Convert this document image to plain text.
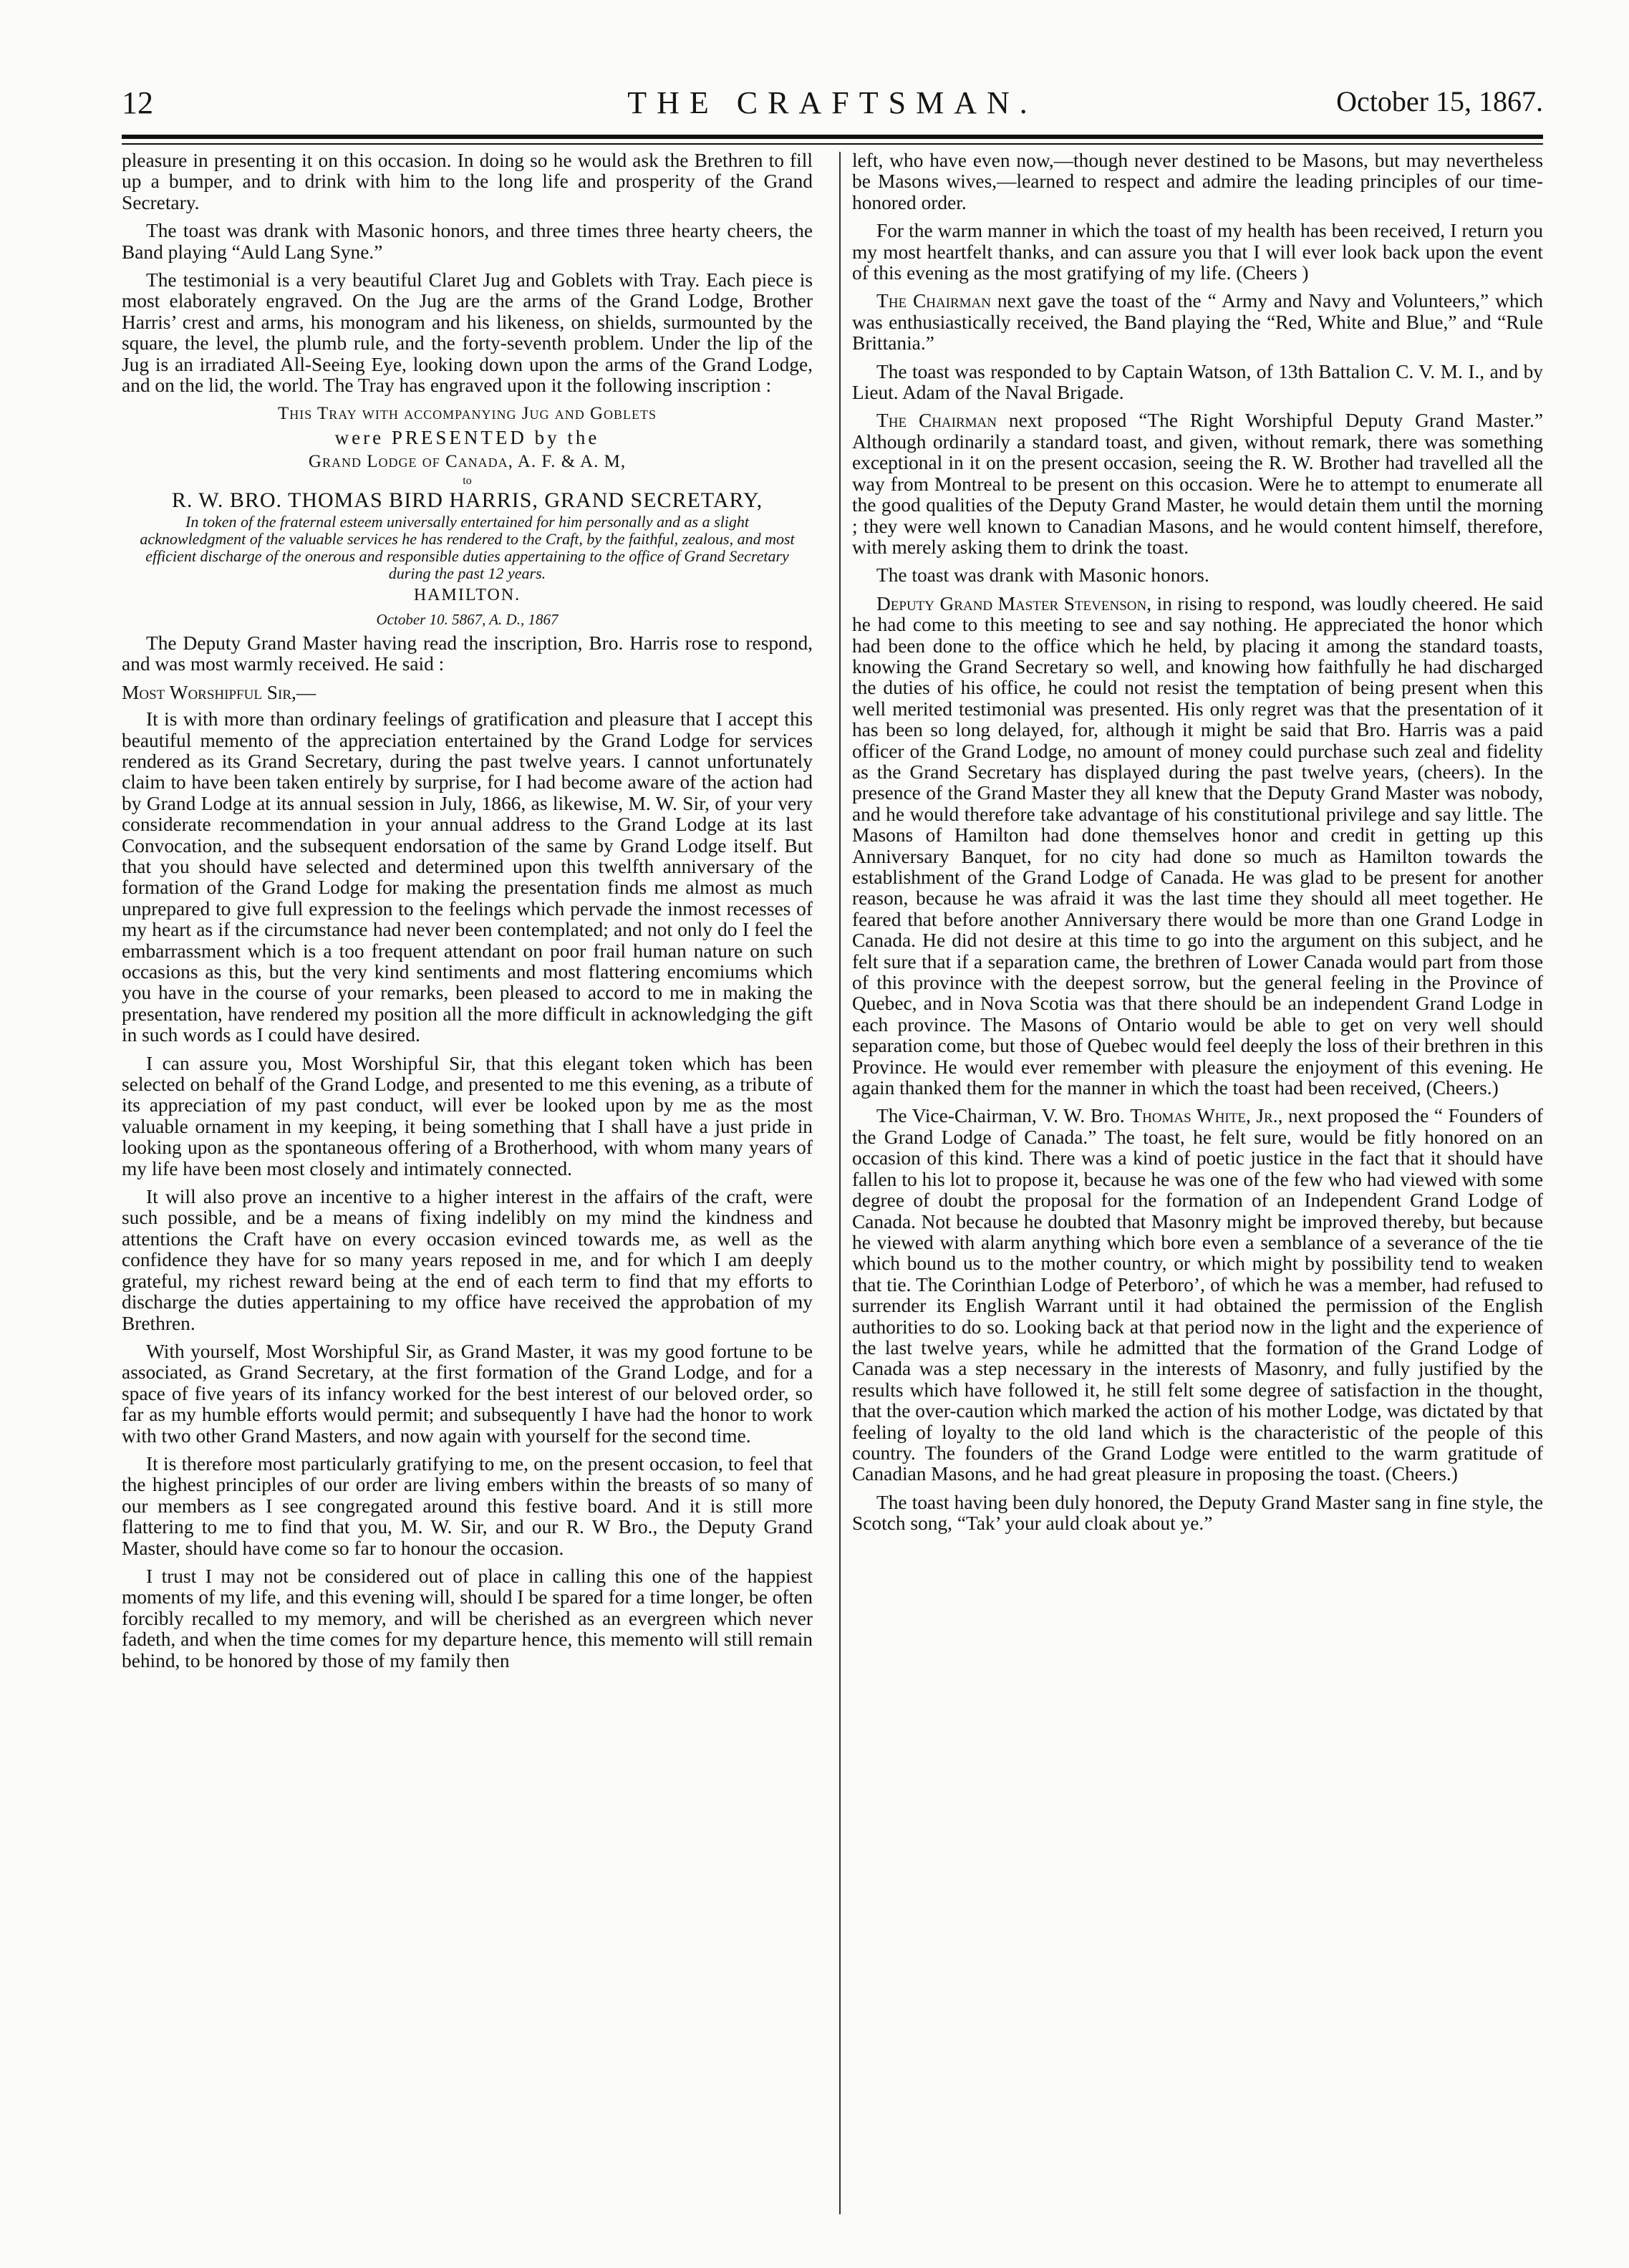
12	THE CRAFTSMAN.	October 15, 1867.

pleasure in presenting it on this occasion. In doing so he would ask the Brethren to fill up a bumper, and to drink with him to the long life and prosperity of the Grand Secretary.

The toast was drank with Masonic honors, and three times three hearty cheers, the Band playing “Auld Lang Syne.”

The testimonial is a very beautiful Claret Jug and Goblets with Tray. Each piece is most elaborately engraved. On the Jug are the arms of the Grand Lodge, Brother Harris’ crest and arms, his monogram and his likeness, on shields, surmounted by the square, the level, the plumb rule, and the forty-seventh problem. Under the lip of the Jug is an irradiated All-Seeing Eye, looking down upon the arms of the Grand Lodge, and on the lid, the world. The Tray has engraved upon it the following inscription :

This Tray with accompanying Jug and Goblets
were PRESENTED by the
Grand Lodge of Canada, A. F. & A. M,
to
R. W. BRO. THOMAS BIRD HARRIS, GRAND SECRETARY,
In token of the fraternal esteem universally entertained for him personally and as a slight acknowledgment of the valuable services he has rendered to the Craft, by the faithful, zealous, and most efficient discharge of the onerous and responsible duties appertaining to the office of Grand Secretary during the past 12 years.
HAMILTON.
October 10. 5867, A. D., 1867

The Deputy Grand Master having read the inscription, Bro. Harris rose to respond, and was most warmly received. He said :

Most Worshipful Sir,—

It is with more than ordinary feelings of gratification and pleasure that I accept this beautiful memento of the appreciation entertained by the Grand Lodge for services rendered as its Grand Secretary, during the past twelve years. I cannot unfortunately claim to have been taken entirely by surprise, for I had become aware of the action had by Grand Lodge at its annual session in July, 1866, as likewise, M. W. Sir, of your very considerate recommendation in your annual address to the Grand Lodge at its last Convocation, and the subsequent endorsation of the same by Grand Lodge itself. But that you should have selected and determined upon this twelfth anniversary of the formation of the Grand Lodge for making the presentation finds me almost as much unprepared to give full expression to the feelings which pervade the inmost recesses of my heart as if the circumstance had never been contemplated; and not only do I feel the embarrassment which is a too frequent attendant on poor frail human nature on such occasions as this, but the very kind sentiments and most flattering encomiums which you have in the course of your remarks, been pleased to accord to me in making the presentation, have rendered my position all the more difficult in acknowledging the gift in such words as I could have desired.

I can assure you, Most Worshipful Sir, that this elegant token which has been selected on behalf of the Grand Lodge, and presented to me this evening, as a tribute of its appreciation of my past conduct, will ever be looked upon by me as the most valuable ornament in my keeping, it being something that I shall have a just pride in looking upon as the spontaneous offering of a Brotherhood, with whom many years of my life have been most closely and intimately connected.

It will also prove an incentive to a higher interest in the affairs of the craft, were such possible, and be a means of fixing indelibly on my mind the kindness and attentions the Craft have on every occasion evinced towards me, as well as the confidence they have for so many years reposed in me, and for which I am deeply grateful, my richest reward being at the end of each term to find that my efforts to discharge the duties appertaining to my office have received the approbation of my Brethren.

With yourself, Most Worshipful Sir, as Grand Master, it was my good fortune to be associated, as Grand Secretary, at the first formation of the Grand Lodge, and for a space of five years of its infancy worked for the best interest of our beloved order, so far as my humble efforts would permit; and subsequently I have had the honor to work with two other Grand Masters, and now again with yourself for the second time.

It is therefore most particularly gratifying to me, on the present occasion, to feel that the highest principles of our order are living embers within the breasts of so many of our members as I see congregated around this festive board. And it is still more flattering to me to find that you, M. W. Sir, and our R. W Bro., the Deputy Grand Master, should have come so far to honour the occasion.

I trust I may not be considered out of place in calling this one of the happiest moments of my life, and this evening will, should I be spared for a time longer, be often forcibly recalled to my memory, and will be cherished as an evergreen which never fadeth, and when the time comes for my departure hence, this memento will still remain behind, to be honored by those of my family then

left, who have even now,—though never destined to be Masons, but may nevertheless be Masons wives,—learned to respect and admire the leading principles of our time-honored order.

For the warm manner in which the toast of my health has been received, I return you my most heartfelt thanks, and can assure you that I will ever look back upon the event of this evening as the most gratifying of my life. (Cheers )

The Chairman next gave the toast of the “ Army and Navy and Volunteers,” which was enthusiastically received, the Band playing the “Red, White and Blue,” and “Rule Brittania.”

The toast was responded to by Captain Watson, of 13th Battalion C. V. M. I., and by Lieut. Adam of the Naval Brigade.

The Chairman next proposed “The Right Worshipful Deputy Grand Master.” Although ordinarily a standard toast, and given, without remark, there was something exceptional in it on the present occasion, seeing the R. W. Brother had travelled all the way from Montreal to be present on this occasion. Were he to attempt to enumerate all the good qualities of the Deputy Grand Master, he would detain them until the morning ; they were well known to Canadian Masons, and he would content himself, therefore, with merely asking them to drink the toast.

The toast was drank with Masonic honors.

Deputy Grand Master Stevenson, in rising to respond, was loudly cheered. He said he had come to this meeting to see and say nothing. He appreciated the honor which had been done to the office which he held, by placing it among the standard toasts, knowing the Grand Secretary so well, and knowing how faithfully he had discharged the duties of his office, he could not resist the temptation of being present when this well merited testimonial was presented. His only regret was that the presentation of it has been so long delayed, for, although it might be said that Bro. Harris was a paid officer of the Grand Lodge, no amount of money could purchase such zeal and fidelity as the Grand Secretary has displayed during the past twelve years, (cheers). In the presence of the Grand Master they all knew that the Deputy Grand Master was nobody, and he would therefore take advantage of his constitutional privilege and say little. The Masons of Hamilton had done themselves honor and credit in getting up this Anniversary Banquet, for no city had done so much as Hamilton towards the establishment of the Grand Lodge of Canada. He was glad to be present for another reason, because he was afraid it was the last time they should all meet together. He feared that before another Anniversary there would be more than one Grand Lodge in Canada. He did not desire at this time to go into the argument on this subject, and he felt sure that if a separation came, the brethren of Lower Canada would part from those of this province with the deepest sorrow, but the general feeling in the Province of Quebec, and in Nova Scotia was that there should be an independent Grand Lodge in each province. The Masons of Ontario would be able to get on very well should separation come, but those of Quebec would feel deeply the loss of their brethren in this Province. He would ever remember with pleasure the enjoyment of this evening. He again thanked them for the manner in which the toast had been received, (Cheers.)

The Vice-Chairman, V. W. Bro. Thomas White, Jr., next proposed the “ Founders of the Grand Lodge of Canada.” The toast, he felt sure, would be fitly honored on an occasion of this kind. There was a kind of poetic justice in the fact that it should have fallen to his lot to propose it, because he was one of the few who had viewed with some degree of doubt the proposal for the formation of an Independent Grand Lodge of Canada. Not because he doubted that Masonry might be improved thereby, but because he viewed with alarm anything which bore even a semblance of a severance of the tie which bound us to the mother country, or which might by possibility tend to weaken that tie. The Corinthian Lodge of Peterboro’, of which he was a member, had refused to surrender its English Warrant until it had obtained the permission of the English authorities to do so. Looking back at that period now in the light and the experience of the last twelve years, while he admitted that the formation of the Grand Lodge of Canada was a step necessary in the interests of Masonry, and fully justified by the results which have followed it, he still felt some degree of satisfaction in the thought, that the over-caution which marked the action of his mother Lodge, was dictated by that feeling of loyalty to the old land which is the characteristic of the people of this country. The founders of the Grand Lodge were entitled to the warm gratitude of Canadian Masons, and he had great pleasure in proposing the toast. (Cheers.)

The toast having been duly honored, the Deputy Grand Master sang in fine style, the Scotch song, “Tak’ your auld cloak about ye.”
